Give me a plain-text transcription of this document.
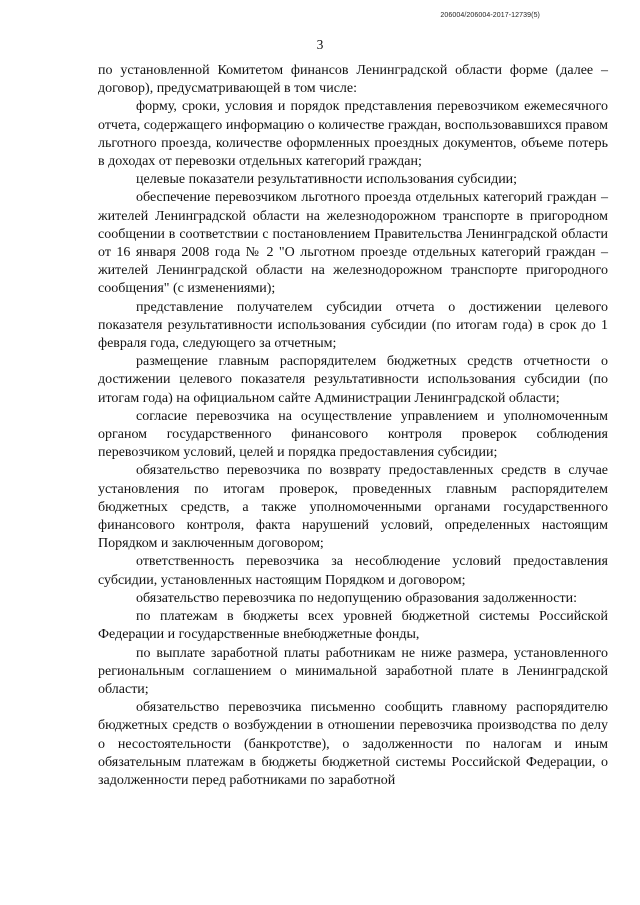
206004/206004-2017-12739(5)
3

по установленной Комитетом финансов Ленинградской области форме (далее – договор), предусматривающей в том числе:

форму, сроки, условия и порядок представления перевозчиком ежемесячного отчета, содержащего информацию о количестве граждан, воспользовавшихся правом льготного проезда, количестве оформленных проездных документов, объеме потерь в доходах от перевозки отдельных категорий граждан;

целевые показатели результативности использования субсидии;

обеспечение перевозчиком льготного проезда отдельных категорий граждан – жителей Ленинградской области на железнодорожном транспорте в пригородном сообщении в соответствии с постановлением Правительства Ленинградской области от 16 января 2008 года № 2 "О льготном проезде отдельных категорий граждан – жителей Ленинградской области на железнодорожном транспорте пригородного сообщения" (с изменениями);

представление получателем субсидии отчета о достижении целевого показателя результативности использования субсидии (по итогам года) в срок до 1 февраля года, следующего за отчетным;

размещение главным распорядителем бюджетных средств отчетности о достижении целевого показателя результативности использования субсидии (по итогам года) на официальном сайте Администрации Ленинградской области;

согласие перевозчика на осуществление управлением и уполномоченным органом государственного финансового контроля проверок соблюдения перевозчиком условий, целей и порядка предоставления субсидии;

обязательство перевозчика по возврату предоставленных средств в случае установления по итогам проверок, проведенных главным распорядителем бюджетных средств, а также уполномоченными органами государственного финансового контроля, факта нарушений условий, определенных настоящим Порядком и заключенным договором;

ответственность перевозчика за несоблюдение условий предоставления субсидии, установленных настоящим Порядком и договором;

обязательство перевозчика по недопущению образования задолженности:

по платежам в бюджеты всех уровней бюджетной системы Российской Федерации и государственные внебюджетные фонды,

по выплате заработной платы работникам не ниже размера, установленного региональным соглашением о минимальной заработной плате в Ленинградской области;

обязательство перевозчика письменно сообщить главному распорядителю бюджетных средств о возбуждении в отношении перевозчика производства по делу о несостоятельности (банкротстве), о задолженности по налогам и иным обязательным платежам в бюджеты бюджетной системы Российской Федерации, о задолженности перед работниками по заработной
